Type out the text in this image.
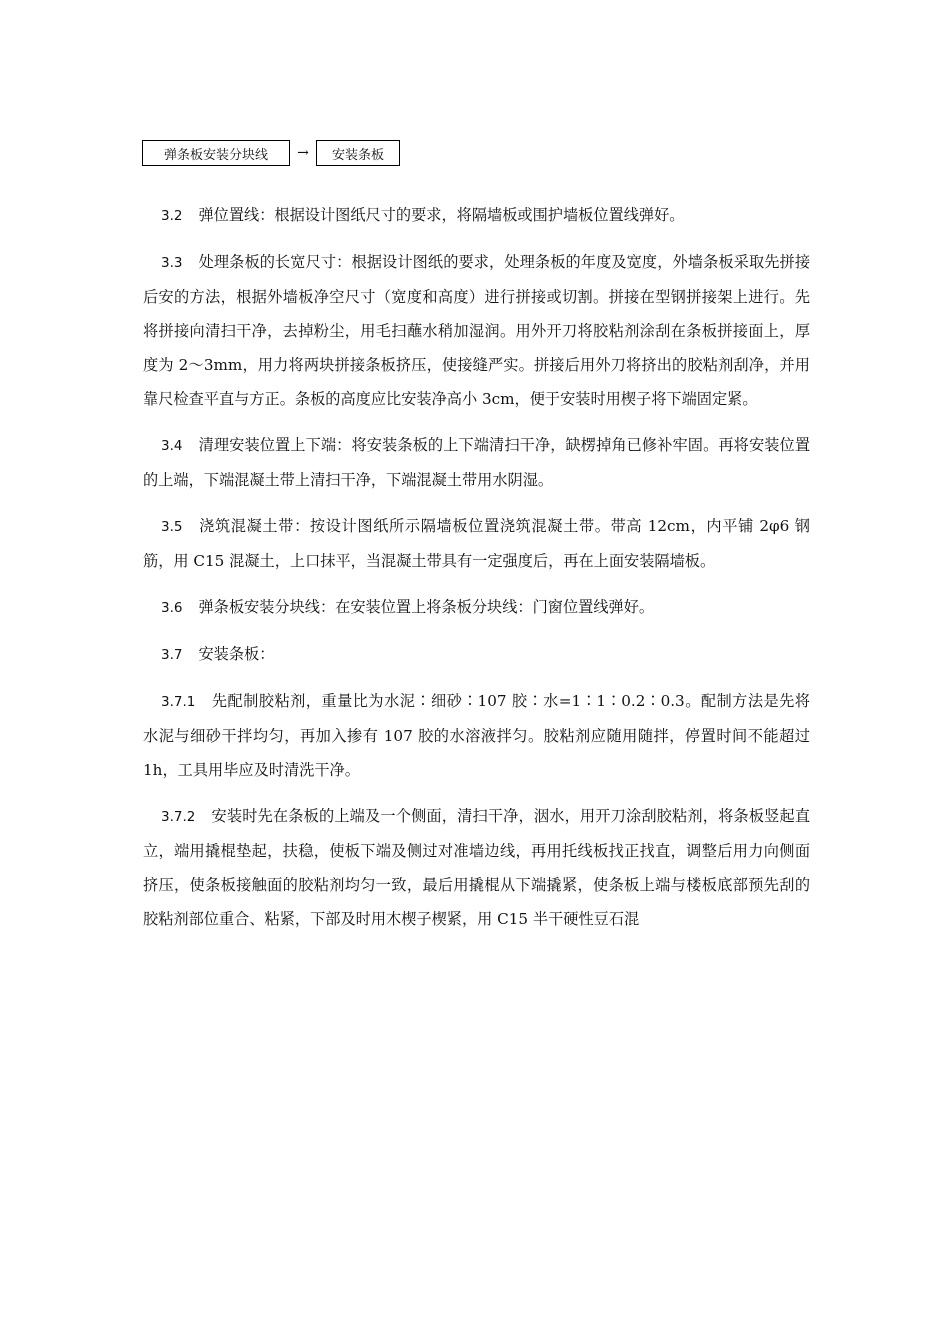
弹条板安装分块线	→	安装条板

3.2 弹位置线：根据设计图纸尺寸的要求，将隔墙板或围护墙板位置线弹好。

3.3 处理条板的长宽尺寸：根据设计图纸的要求，处理条板的年度及宽度，外墙条板采取先拼接后安的方法，根据外墙板净空尺寸（宽度和高度）进行拼接或切割。拼接在型钢拼接架上进行。先将拼接向清扫干净，去掉粉尘，用毛扫蘸水稍加湿润。用外开刀将胶粘剂涂刮在条板拼接面上，厚度为 2～3mm，用力将两块拼接条板挤压，使接缝严实。拼接后用外刀将挤出的胶粘剂刮净，并用靠尺检查平直与方正。条板的高度应比安装净高小 3cm，便于安装时用楔子将下端固定紧。

3.4 清理安装位置上下端：将安装条板的上下端清扫干净，缺楞掉角已修补牢固。再将安装位置的上端，下端混凝土带上清扫干净，下端混凝土带用水阴湿。

3.5 浇筑混凝土带：按设计图纸所示隔墙板位置浇筑混凝土带。带高 12cm，内平铺 2φ6 钢筋，用 C15 混凝土，上口抹平，当混凝土带具有一定强度后，再在上面安装隔墙板。

3.6 弹条板安装分块线：在安装位置上将条板分块线：门窗位置线弹好。

3.7 安装条板：

3.7.1 先配制胶粘剂，重量比为水泥∶细砂∶107 胶∶水=1∶1∶0.2∶0.3。配制方法是先将水泥与细砂干拌均匀，再加入掺有 107 胶的水溶液拌匀。胶粘剂应随用随拌，停置时间不能超过 1h，工具用毕应及时清洗干净。

3.7.2 安装时先在条板的上端及一个侧面，清扫干净，洇水，用开刀涂刮胶粘剂，将条板竖起直立，端用撬棍垫起，扶稳，使板下端及侧过对准墙边线，再用托线板找正找直，调整后用力向侧面挤压，使条板接触面的胶粘剂均匀一致，最后用撬棍从下端撬紧，使条板上端与楼板底部预先刮的胶粘剂部位重合、粘紧，下部及时用木楔子楔紧，用 C15 半干硬性豆石混
